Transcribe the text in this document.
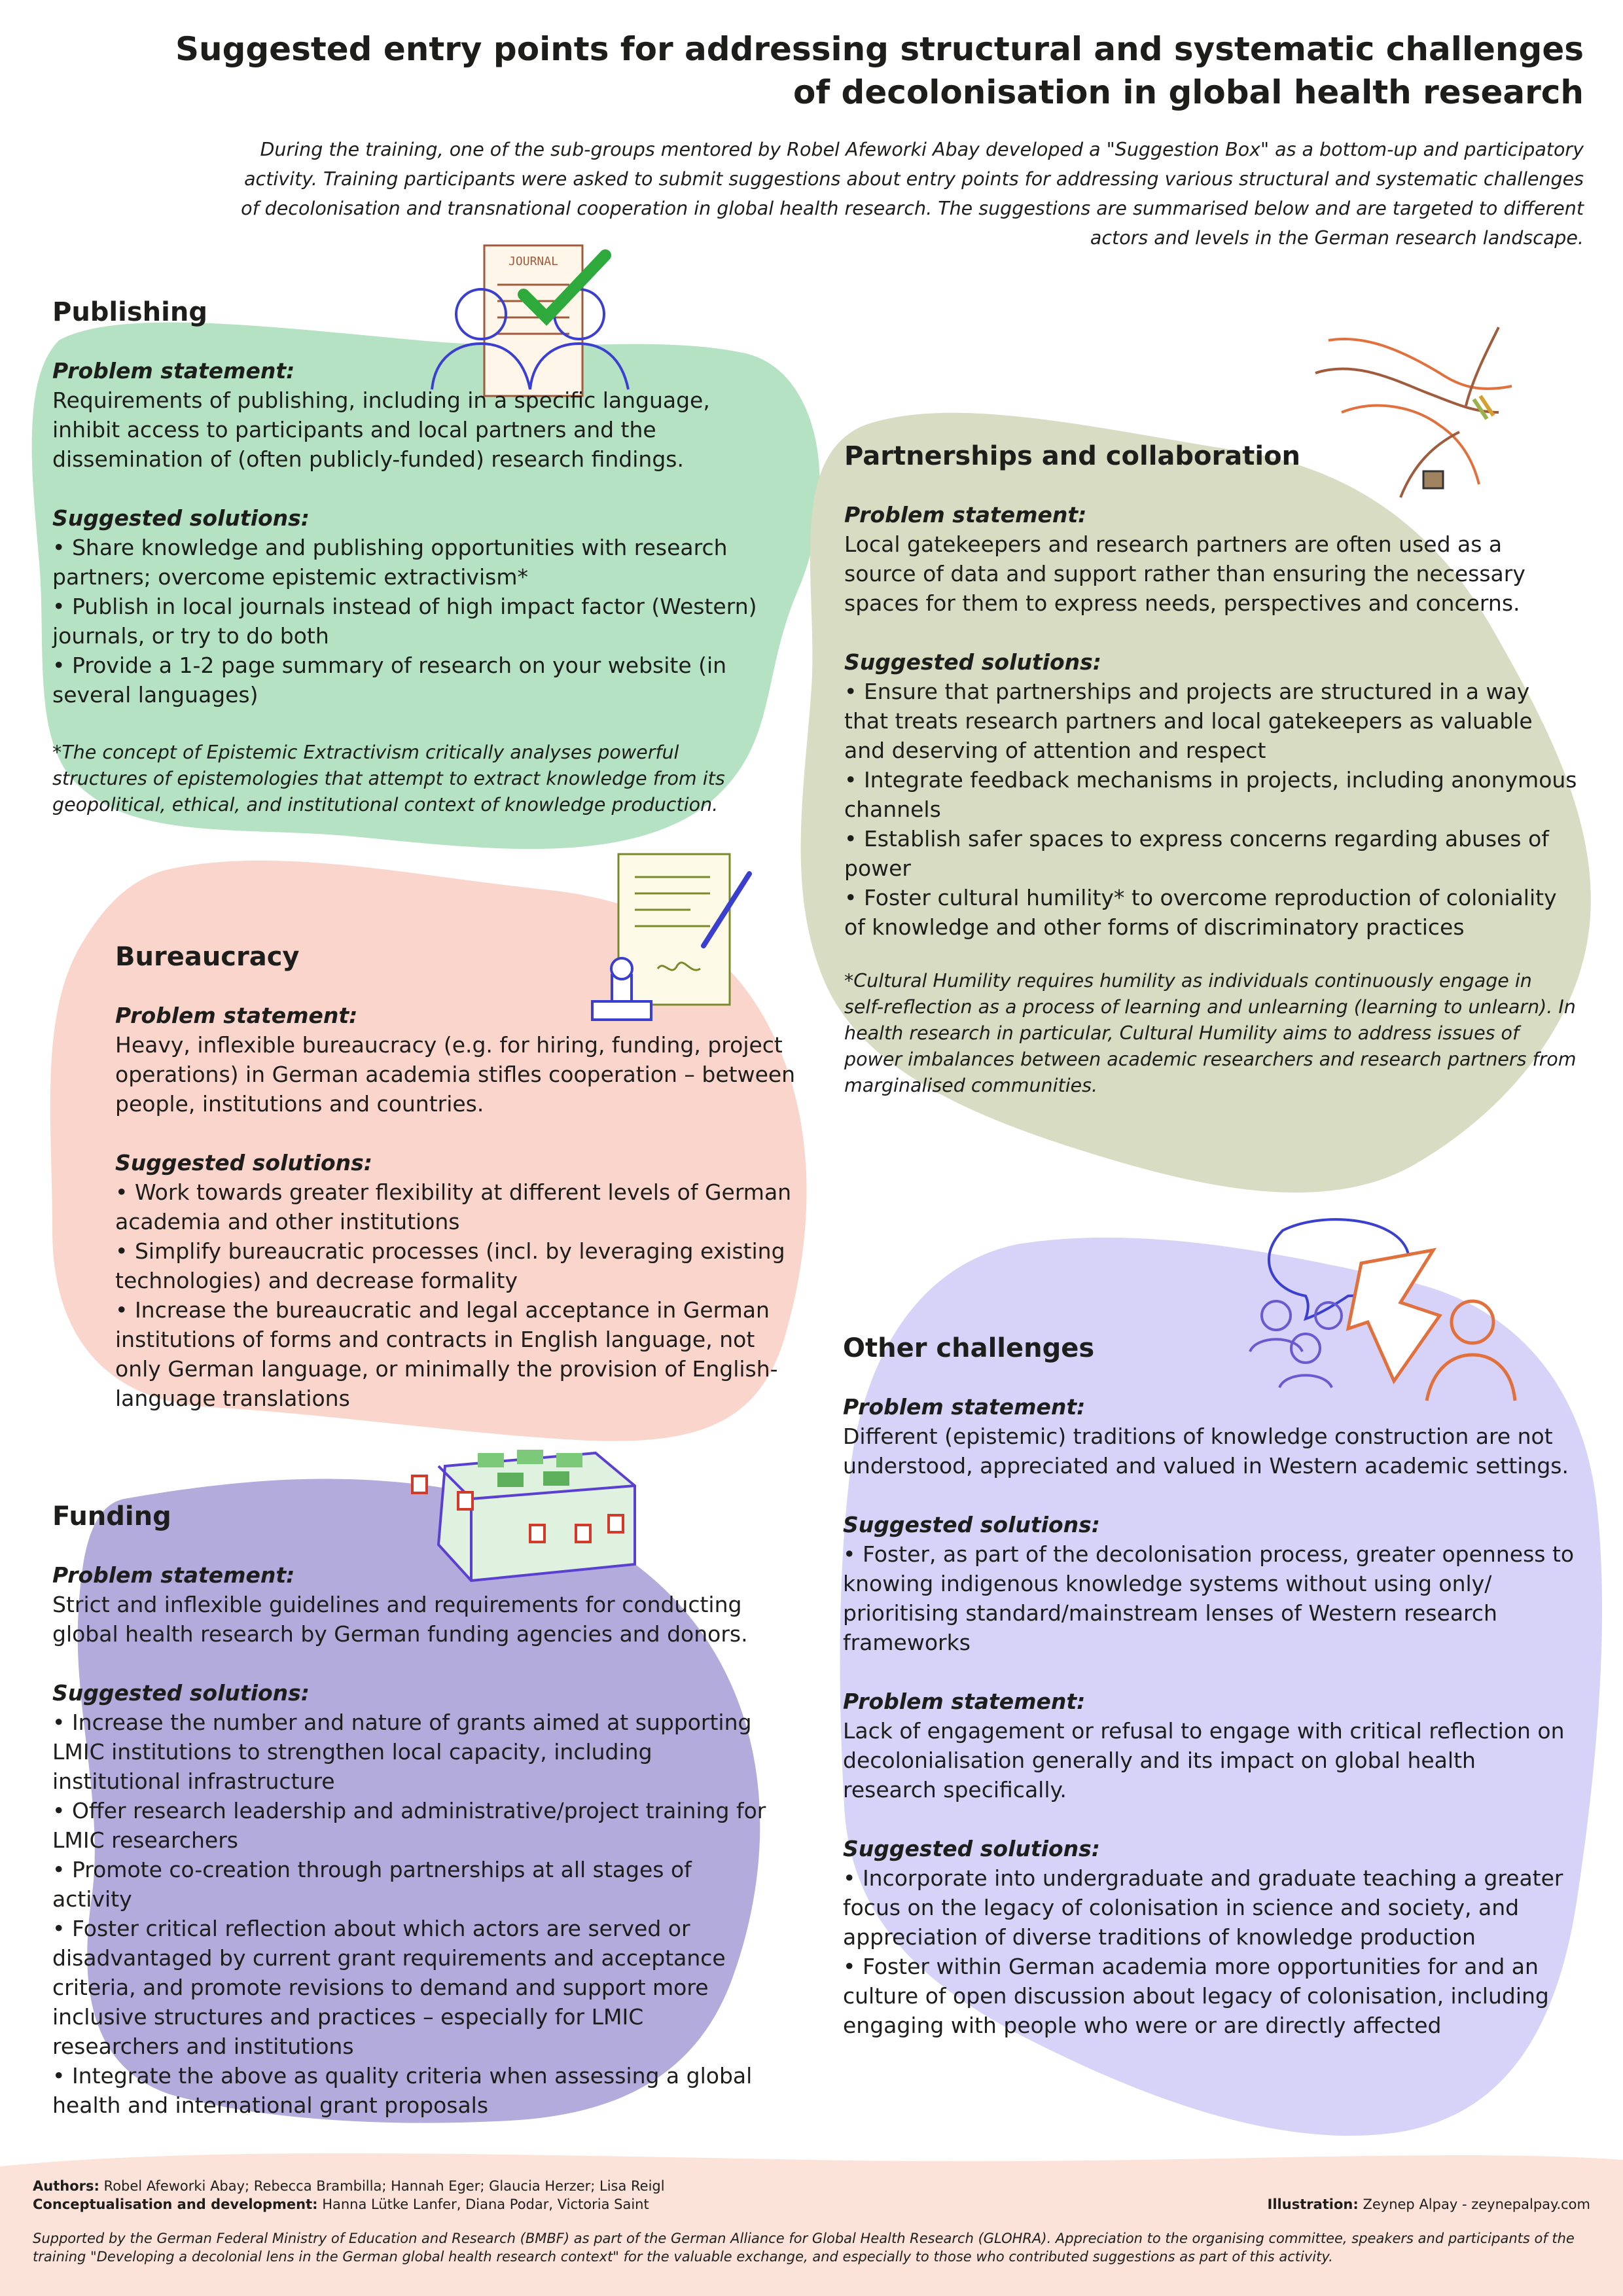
Suggested entry points for addressing structural and systematic challenges
of decolonisation in global health research

During the training, one of the sub-groups mentored by Robel Afeworki Abay developed a "Suggestion Box" as a bottom-up and participatory activity. Training participants were asked to submit suggestions about entry points for addressing various structural and systematic challenges of decolonisation and transnational cooperation in global health research. The suggestions are summarised below and are targeted to different actors and levels in the German research landscape.

JOURNAL

Publishing

Problem statement:

Requirements of publishing, including in a specific language, inhibit access to participants and local partners and the dissemination of (often publicly-funded) research findings.

Suggested solutions:

• Share knowledge and publishing opportunities with research partners; overcome epistemic extractivism*

• Publish in local journals instead of high impact factor (Western) journals, or try to do both

• Provide a 1-2 page summary of research on your website (in several languages)

*The concept of Epistemic Extractivism critically analyses powerful structures of epistemologies that attempt to extract knowledge from its geopolitical, ethical, and institutional context of knowledge production.

Partnerships and collaboration

Problem statement:

Local gatekeepers and research partners are often used as a source of data and support rather than ensuring the necessary spaces for them to express needs, perspectives and concerns.

Suggested solutions:

• Ensure that partnerships and projects are structured in a way that treats research partners and local gatekeepers as valuable and deserving of attention and respect

• Integrate feedback mechanisms in projects, including anonymous channels

• Establish safer spaces to express concerns regarding abuses of power

• Foster cultural humility* to overcome reproduction of coloniality of knowledge and other forms of discriminatory practices

*Cultural Humility requires humility as individuals continuously engage in self-reflection as a process of learning and unlearning (learning to unlearn). In health research in particular, Cultural Humility aims to address issues of power imbalances between academic researchers and research partners from marginalised communities.

Bureaucracy

Problem statement:

Heavy, inflexible bureaucracy (e.g. for hiring, funding, project operations) in German academia stifles cooperation – between people, institutions and countries.

Suggested solutions:

• Work towards greater flexibility at different levels of German academia and other institutions

• Simplify bureaucratic processes (incl. by leveraging existing technologies) and decrease formality

• Increase the bureaucratic and legal acceptance in German institutions of forms and contracts in English language, not only German language, or minimally the provision of English-language translations

Funding

Problem statement:

Strict and inflexible guidelines and requirements for conducting global health research by German funding agencies and donors.

Suggested solutions:

• Increase the number and nature of grants aimed at supporting LMIC institutions to strengthen local capacity, including institutional infrastructure

• Offer research leadership and administrative/project training for LMIC researchers

• Promote co-creation through partnerships at all stages of activity

• Foster critical reflection about which actors are served or disadvantaged by current grant requirements and acceptance criteria, and promote revisions to demand and support more inclusive structures and practices – especially for LMIC researchers and institutions

• Integrate the above as quality criteria when assessing a global health and international grant proposals

Other challenges

Problem statement:

Different (epistemic) traditions of knowledge construction are not understood, appreciated and valued in Western academic settings.

Suggested solutions:

• Foster, as part of the decolonisation process, greater openness to knowing indigenous knowledge systems without using only/ prioritising standard/mainstream lenses of Western research frameworks

Problem statement:

Lack of engagement or refusal to engage with critical reflection on decolonialisation generally and its impact on global health research specifically.

Suggested solutions:

• Incorporate into undergraduate and graduate teaching a greater focus on the legacy of colonisation in science and society, and appreciation of diverse traditions of knowledge production

• Foster within German academia more opportunities for and an culture of open discussion about legacy of colonisation, including engaging with people who were or are directly affected

Authors: Robel Afeworki Abay; Rebecca Brambilla; Hannah Eger; Glaucia Herzer; Lisa Reigl

Conceptualisation and development: Hanna Lütke Lanfer, Diana Podar, Victoria Saint	Illustration: Zeynep Alpay - zeynepalpay.com

Supported by the German Federal Ministry of Education and Research (BMBF) as part of the German Alliance for Global Health Research (GLOHRA). Appreciation to the organising committee, speakers and participants of the training "Developing a decolonial lens in the German global health research context" for the valuable exchange, and especially to those who contributed suggestions as part of this activity.
